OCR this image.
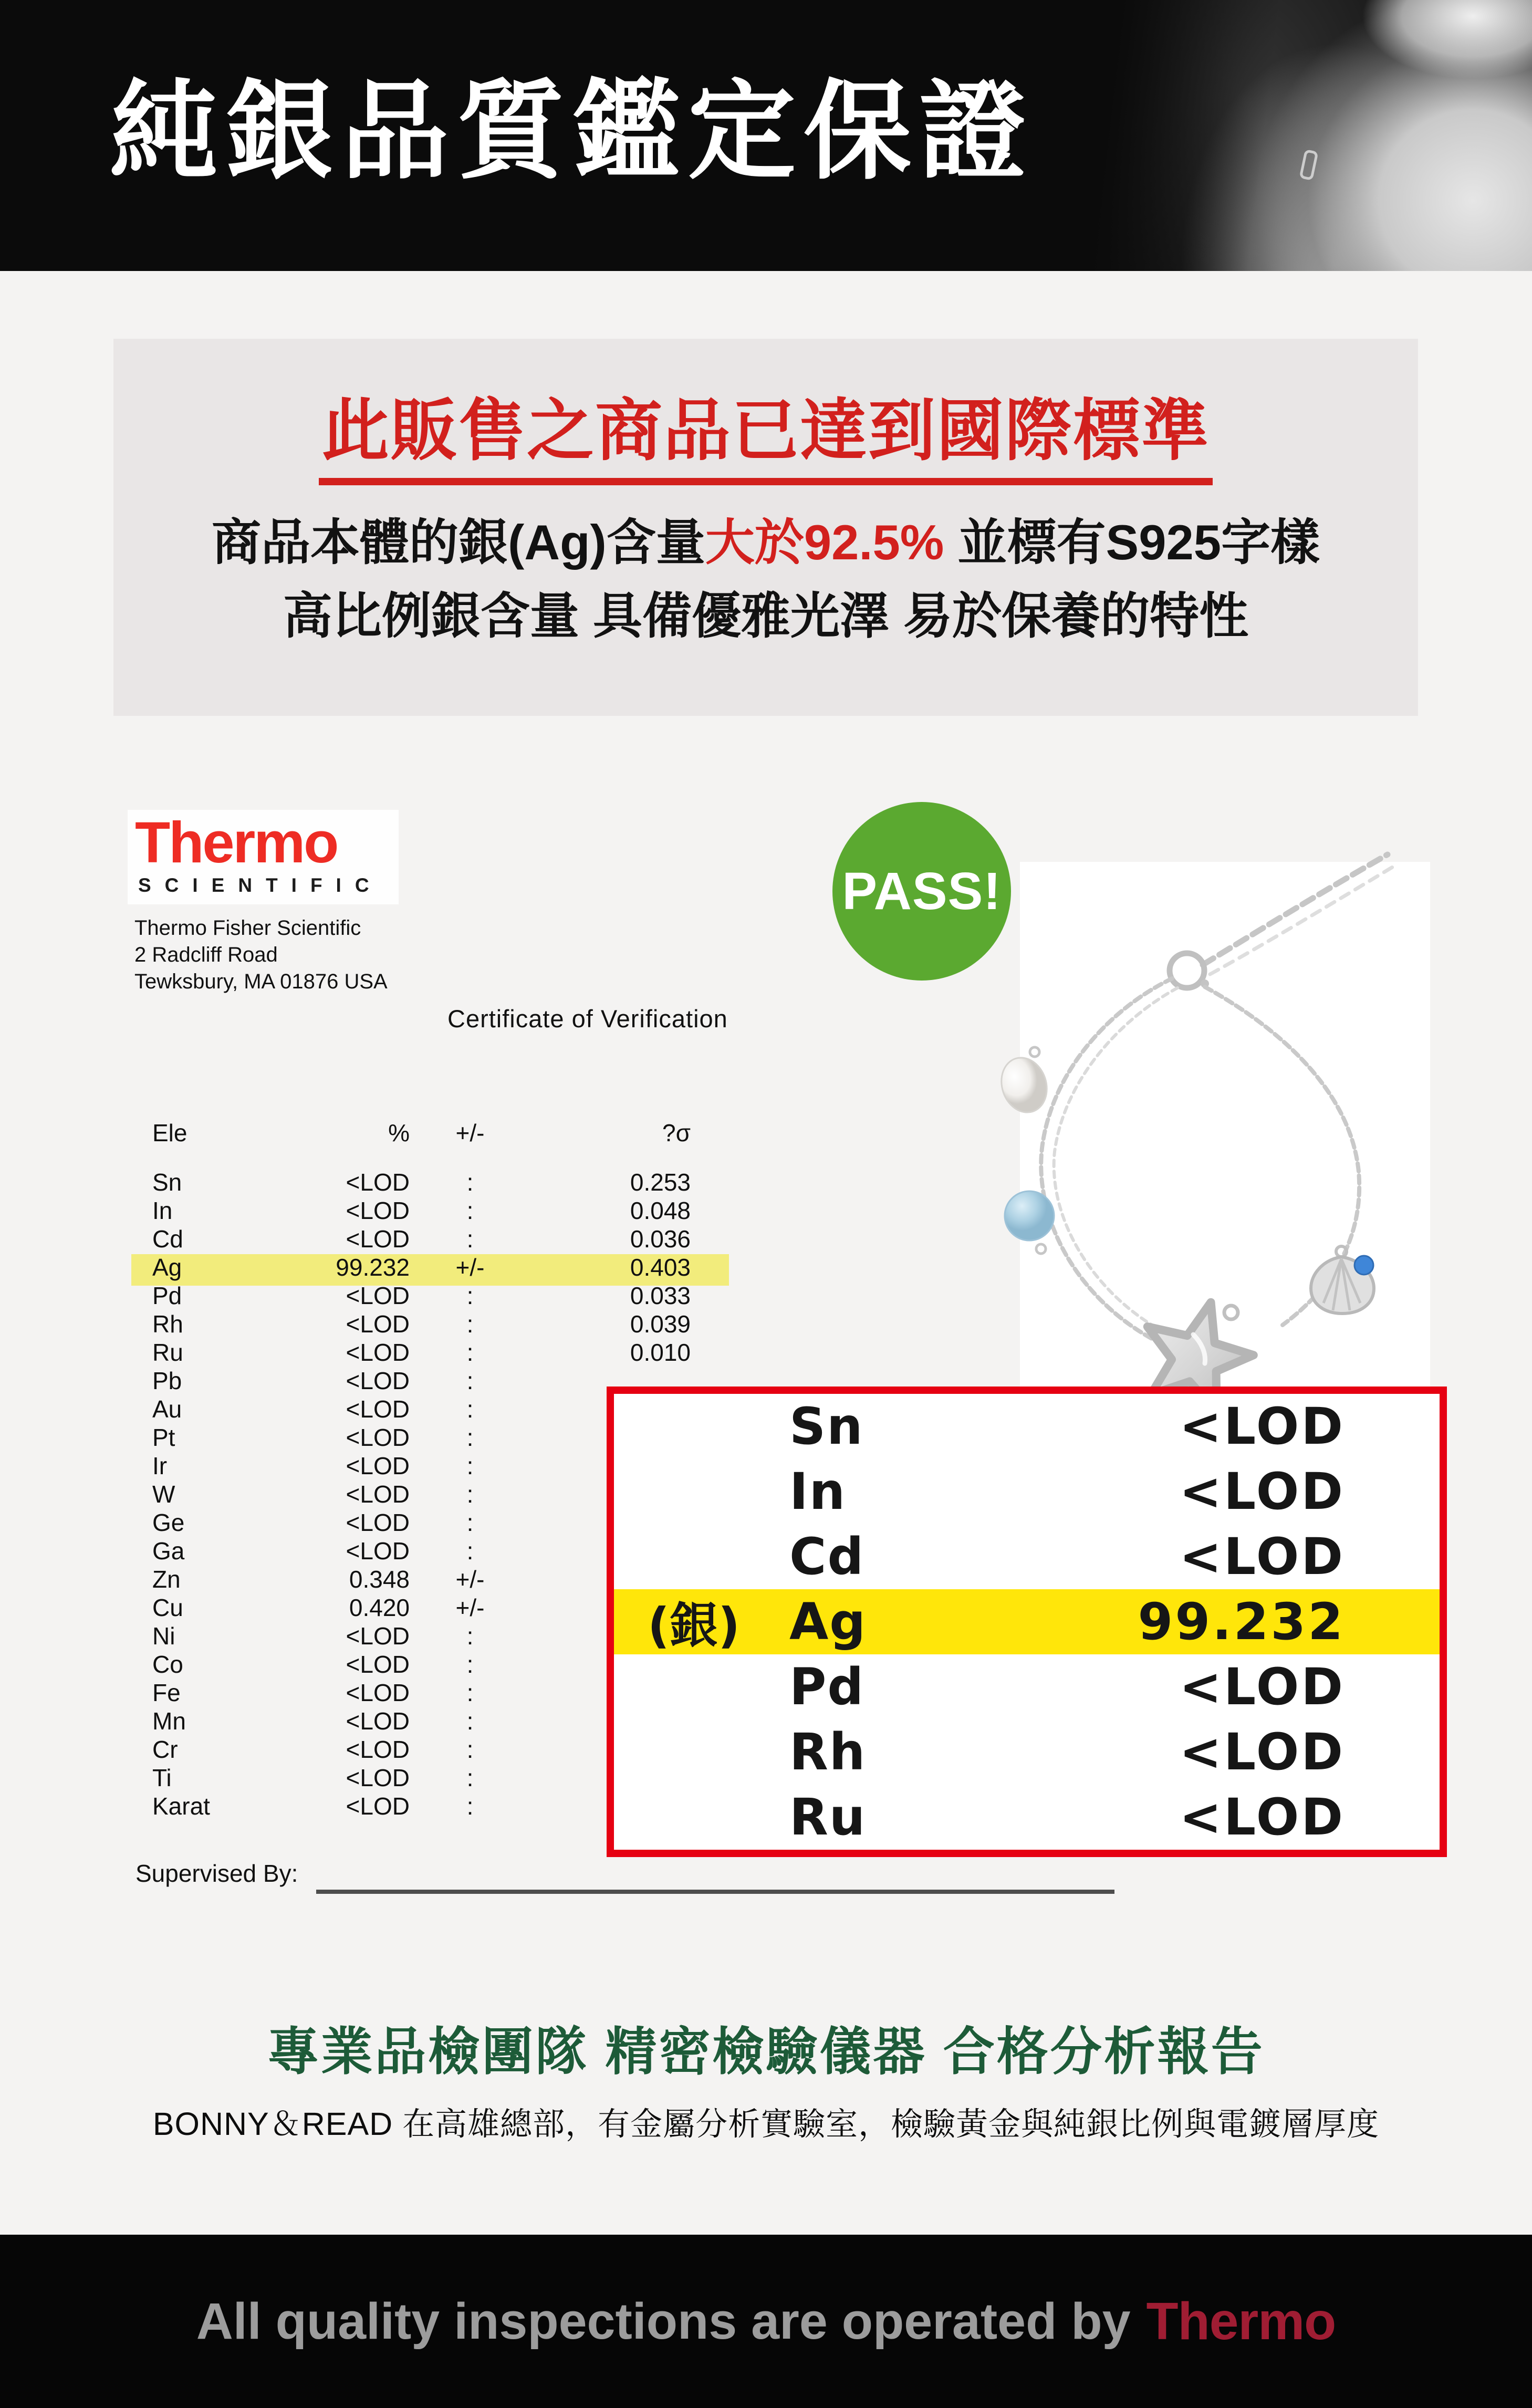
純銀品質鑑定保證
此販售之商品已達到國際標準

商品本體的銀(Ag)含量大於92.5% 並標有S925字樣

高比例銀含量 具備優雅光澤 易於保養的特性

Thermo
SCIENTIFIC
Thermo Fisher Scientific
2 Radcliff Road
Tewksbury, MA 01876 USA
Certificate of Verification
PASS!
Ele	%	+/-	?σ
Sn	<LOD	:	0.253
In	<LOD	:	0.048
Cd	<LOD	:	0.036
Ag	99.232	+/-	0.403
Pd	<LOD	:	0.033
Rh	<LOD	:	0.039
Ru	<LOD	:	0.010
Pb	<LOD	:
Au	<LOD	:
Pt	<LOD	:
Ir	<LOD	:
W	<LOD	:
Ge	<LOD	:
Ga	<LOD	:
Zn	0.348	+/-
Cu	0.420	+/-
Ni	<LOD	:
Co	<LOD	:
Fe	<LOD	:
Mn	<LOD	:
Cr	<LOD	:
Ti	<LOD	:
Karat	<LOD	:
Sn	<LOD
In	<LOD
Cd	<LOD
(銀) Ag	99.232
Pd	<LOD
Rh	<LOD
Ru	<LOD
Supervised By:
專業品檢團隊 精密檢驗儀器 合格分析報告

BONNY＆READ 在高雄總部，有金屬分析實驗室，檢驗黃金與純銀比例與電鍍層厚度

All quality inspections are operated by Thermo
